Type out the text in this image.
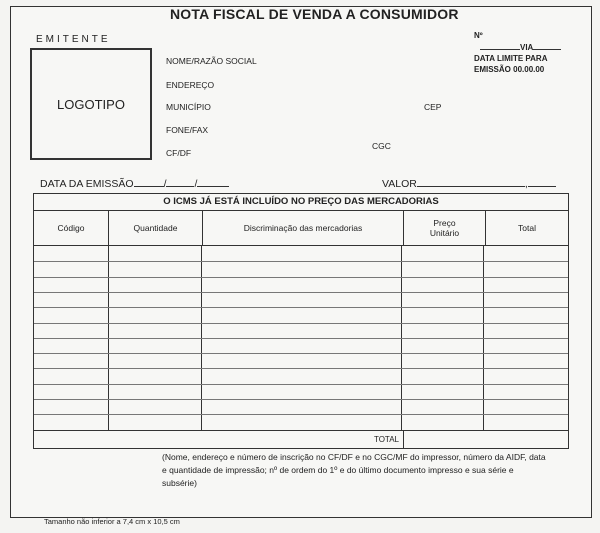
NOTA FISCAL DE VENDA A CONSUMIDOR
EMITENTE
LOGOTIPO
NOME/RAZÃO SOCIAL
ENDEREÇO
MUNICÍPIO	CEP
FONE/FAX
CF/DF
CGC
Nº
VIA
DATA LIMITE PARA
EMISSÃO 00.00.00
DATA DA EMISSÃO	/	/	VALOR	,
O ICMS JÁ ESTÁ INCLUÍDO NO PREÇO DAS MERCADORIAS
Código	Quantidade	Discriminação das mercadorias	Preço Unitário	Total
TOTAL
(Nome, endereço e número de inscrição no CF/DF e no CGC/MF do impressor, número da AIDF, data e quantidade de impressão; nº de ordem do 1º e do último documento impresso e sua série e subsérie)
Tamanho não inferior a 7,4 cm x 10,5 cm
